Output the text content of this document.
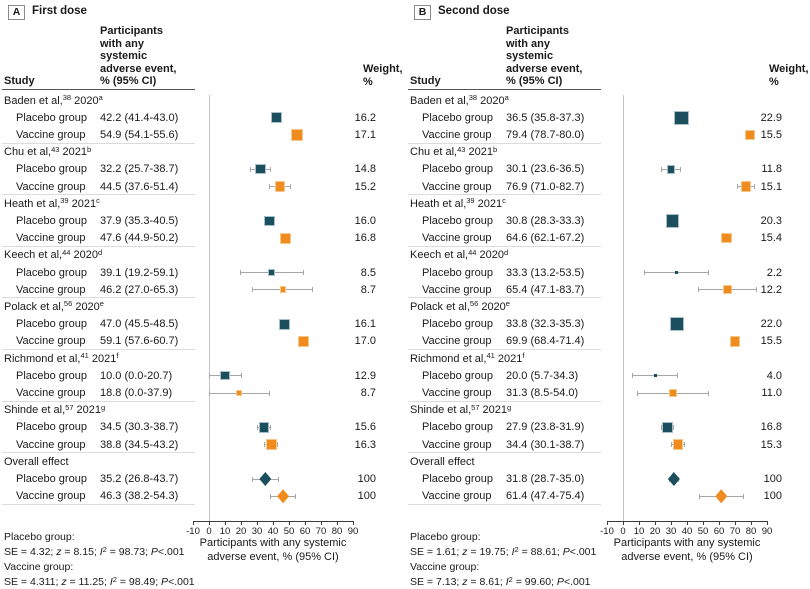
A	First dose
Study
Participants
with any
systemic
adverse event,
% (95% CI)
Weight,
%
Baden et al,$^{38}$ 2020$^a$
Placebo group 42.2 (41.4-43.0)	16.2
Vaccine group 54.9 (54.1-55.6)	17.1
Chu et al,$^{43}$ 2021$^b$
Placebo group 32.2 (25.7-38.7)	14.8
Vaccine group 44.5 (37.6-51.4)	15.2
Heath et al,$^{39}$ 2021$^c$
Placebo group 37.9 (35.3-40.5)	16.0
Vaccine group 47.6 (44.9-50.2)	16.8
Keech et al,$^{44}$ 2020$^d$
Placebo group 39.1 (19.2-59.1)	8.5
Vaccine group 46.2 (27.0-65.3)	8.7
Polack et al,$^{56}$ 2020e
Placebo group 47.0 (45.5-48.5)	16.1
Vaccine group 59.1 (57.6-60.7)	17.0
Richmond et al,$^{41}$ 2021$^f$
Placebo group 10.0 (0.0-20.7)	12.9
Vaccine group 18.8 (0.0-37.9)	8.7
Shinde et al,$^{57}$ 2021$^g$
Placebo group 34.5 (30.3-38.7)	15.6
Vaccine group 38.8 (34.5-43.2)	16.3
Overall effect
Placebo group 35.2 (26.8-43.7)	100
Vaccine group 46.3 (38.2-54.3)	100
-10 0 10 20 30 40 50 60 70 80 90
Participants with any systemic
adverse event, % (95% CI)
Placebo group:
SE = 4.32; z = 8.15; $I^2 = 98.73$; P<.001
Vaccine group:
SE = 4.311; z = 11.25; $I^2 = 98.49$; P<.001
B	Second dose
Study
Participants
with any
systemic
adverse event,
% (95% CI)
Weight,
%
Baden et al,$^{38}$ 2020$^a$
Placebo group 36.5 (35.8-37.3)	22.9
Vaccine group 79.4 (78.7-80.0)	15.5
Chu et al,$^{43}$ 2021$^b$
Placebo group 30.1 (23.6-36.5)	11.8
Vaccine group 76.9 (71.0-82.7)	15.1
Heath et al,$^{39}$ 2021$^c$
Placebo group 30.8 (28.3-33.3)	20.3
Vaccine group 64.6 (62.1-67.2)	15.4
Keech et al,$^{44}$ 2020$^d$
Placebo group 33.3 (13.2-53.5)	2.2
Vaccine group 65.4 (47.1-83.7)	12.2
Polack et al,$^{56}$ 2020e
Placebo group 33.8 (32.3-35.3)	22.0
Vaccine group 69.9 (68.4-71.4)	15.5
Richmond et al,$^{41}$ 2021$^f$
Placebo group 20.0 (5.7-34.3)	4.0
Vaccine group 31.3 (8.5-54.0)	11.0
Shinde et al,$^{57}$ 2021$^g$
Placebo group 27.9 (23.8-31.9)	16.8
Vaccine group 34.4 (30.1-38.7)	15.3
Overall effect
Placebo group 31.8 (28.7-35.0)	100
Vaccine group 61.4 (47.4-75.4)	100
-10 0 10 20 30 40 50 60 70 80 90
Participants with any systemic
adverse event, % (95% CI)
Placebo group:
SE = 1.61; z = 19.75; $I^2 = 88.61$; P<.001
Vaccine group:
SE = 7.13; z = 8.61; $I^2 = 99.60$; P<.001
